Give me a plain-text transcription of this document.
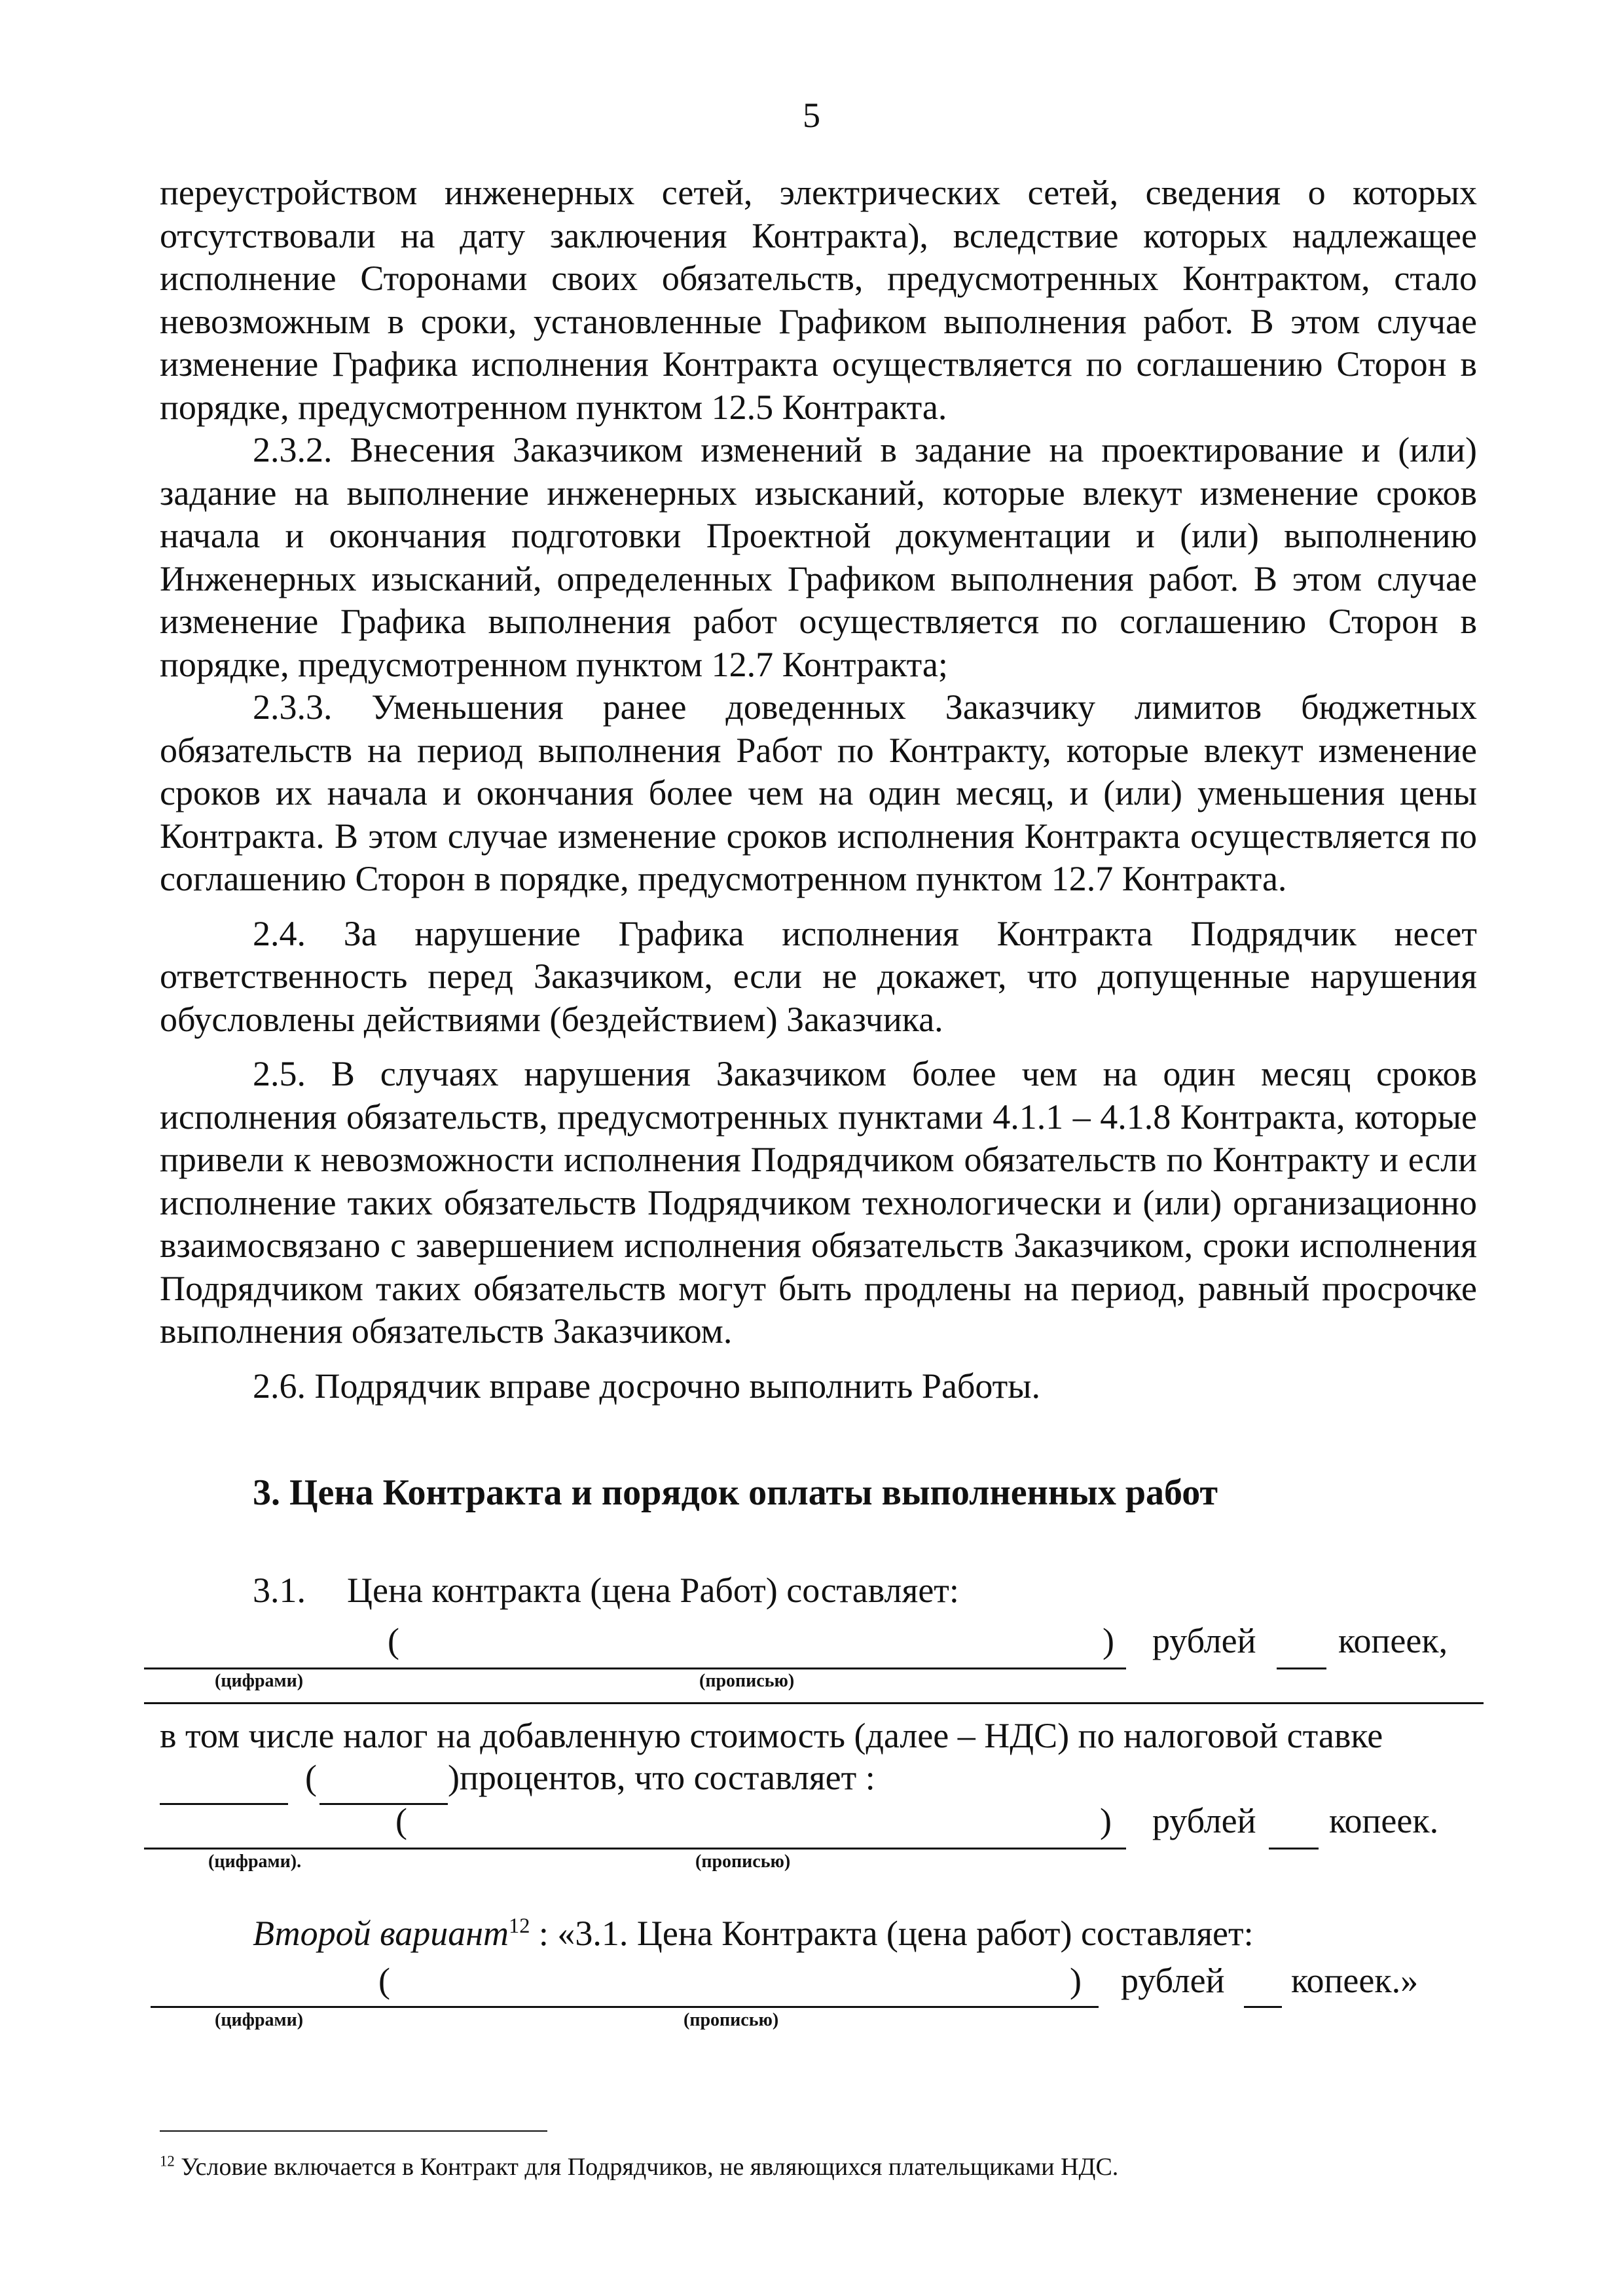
5

переустройством инженерных сетей, электрических сетей, сведения о которых отсутствовали на дату заключения Контракта), вследствие которых надлежащее исполнение Сторонами своих обязательств, предусмотренных Контрактом, стало невозможным в сроки, установленные Графиком выполнения работ. В этом случае изменение Графика исполнения Контракта осуществляется по соглашению Сторон в порядке, предусмотренном пунктом 12.5 Контракта.

2.3.2. Внесения Заказчиком изменений в задание на проектирование и (или) задание на выполнение инженерных изысканий, которые влекут изменение сроков начала и окончания подготовки Проектной документации и (или) выполнению Инженерных изысканий, определенных Графиком выполнения работ. В этом случае изменение Графика выполнения работ осуществляется по соглашению Сторон в порядке, предусмотренном пунктом 12.7 Контракта;

2.3.3. Уменьшения ранее доведенных Заказчику лимитов бюджетных обязательств на период выполнения Работ по Контракту, которые влекут изменение сроков их начала и окончания более чем на один месяц, и (или) уменьшения цены Контракта. В этом случае изменение сроков исполнения Контракта осуществляется по соглашению Сторон в порядке, предусмотренном пунктом 12.7 Контракта.

2.4. За нарушение Графика исполнения Контракта Подрядчик несет ответственность перед Заказчиком, если не докажет, что допущенные нарушения обусловлены действиями (бездействием) Заказчика.

2.5. В случаях нарушения Заказчиком более чем на один месяц сроков исполнения обязательств, предусмотренных пунктами 4.1.1 – 4.1.8 Контракта, которые привели к невозможности исполнения Подрядчиком обязательств по Контракту и если исполнение таких обязательств Подрядчиком технологически и (или) организационно взаимосвязано с завершением исполнения обязательств Заказчиком, сроки исполнения Подрядчиком таких обязательств могут быть продлены на период, равный просрочке выполнения обязательств Заказчиком.

2.6. Подрядчик вправе досрочно выполнить Работы.

3. Цена Контракта и порядок оплаты выполненных работ
3.1. Цена контракта (цена Работ) составляет:
(	) рублей копеек,
(цифрами)	(прописью)
в том числе налог на добавленную стоимость (далее – НДС) по налоговой ставке
(	)процентов, что составляет :
(	) рублей копеек.
(цифрами).	(прописью)
Второй вариант$^{12}$ : «3.1. Цена Контракта (цена работ) составляет:
(	) рублей копеек.»
(цифрами)	(прописью)
$^{12}$ Условие включается в Контракт для Подрядчиков, не являющихся плательщиками НДС.
